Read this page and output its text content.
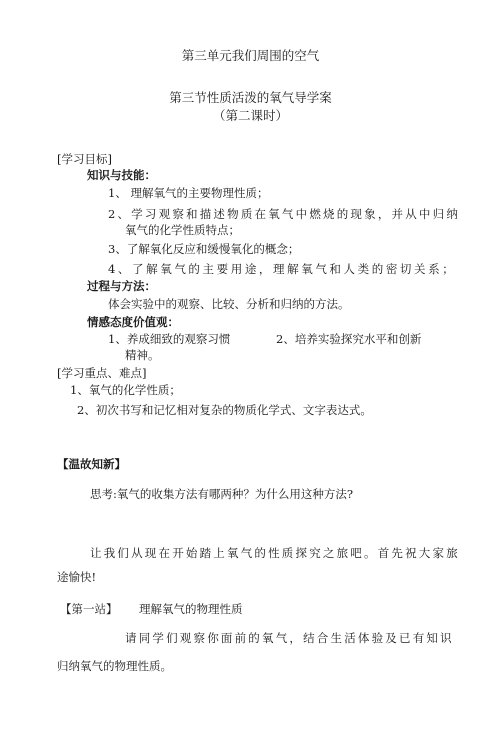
第三单元我们周围的空气
第三节性质活泼的氧气导学案
（第二课时）
[学习目标]
知识与技能：
1、 理解氧气的主要物理性质；
2、学习观察和描述物质在氧气中燃烧的现象，并从中归纳
氧气的化学性质特点；
3、了解氧化反应和缓慢氧化的概念；
4、了解氧气的主要用途，理解氧气和人类的密切关系；
过程与方法：
体会实验中的观察、比较、分析和归纳的方法。
情感态度价值观：
1、养成细致的观察习惯	2、培养实验探究水平和创新
精神。
[学习重点、难点]
1、氧气的化学性质；
2、初次书写和记忆相对复杂的物质化学式、文字表达式。
【温故知新】
思考:氧气的收集方法有哪两种？为什么用这种方法?
让我们从现在开始踏上氧气的性质探究之旅吧。首先祝大家旅
途愉快!
【第一站】 理解氧气的物理性质
请同学们观察你面前的氧气，结合生活体验及已有知识
归纳氧气的物理性质。
